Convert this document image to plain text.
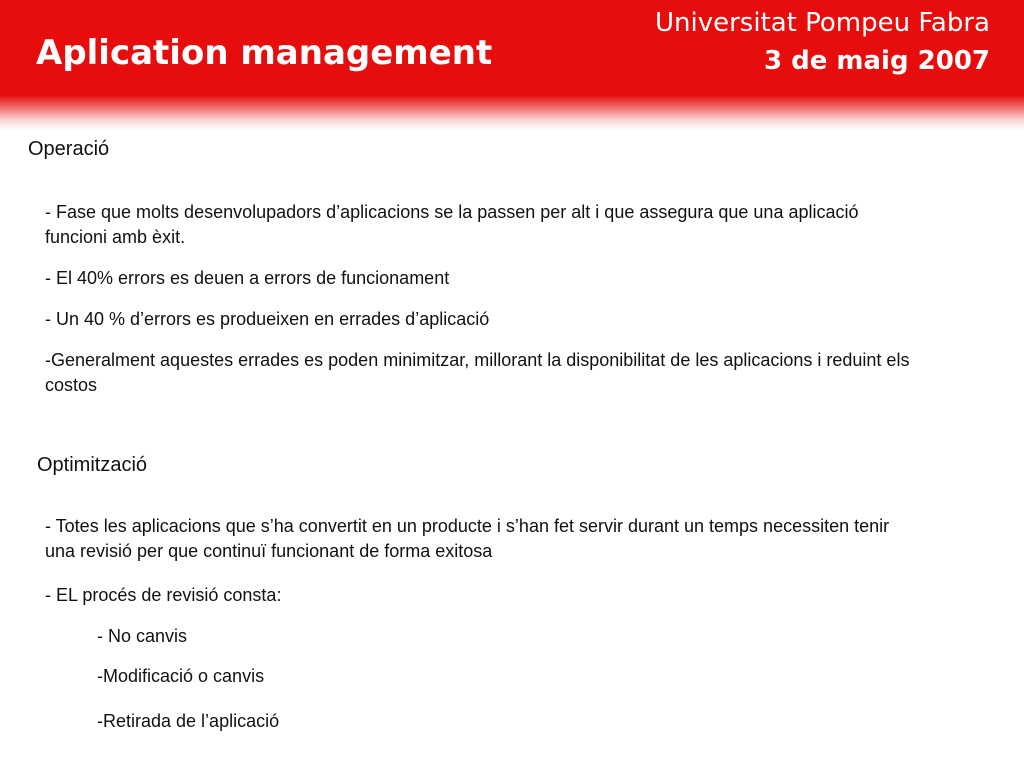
Aplication management
Universitat Pompeu Fabra
3 de maig 2007
Operació

- Fase que molts desenvolupadors d’aplicacions se la passen per alt i que assegura que una aplicació funcioni amb èxit.

- El 40% errors es deuen a errors de funcionament

- Un 40 % d’errors es produeixen en errades d’aplicació

-Generalment aquestes errades es poden minimitzar, millorant la disponibilitat de les aplicacions i reduint els costos

Optimització

- Totes les aplicacions que s’ha convertit en un producte i s’han fet servir durant un temps necessiten tenir una revisió per que continuï funcionant de forma exitosa

- EL procés de revisió consta:

- No canvis
-Modificació o canvis
-Retirada de l’aplicació
